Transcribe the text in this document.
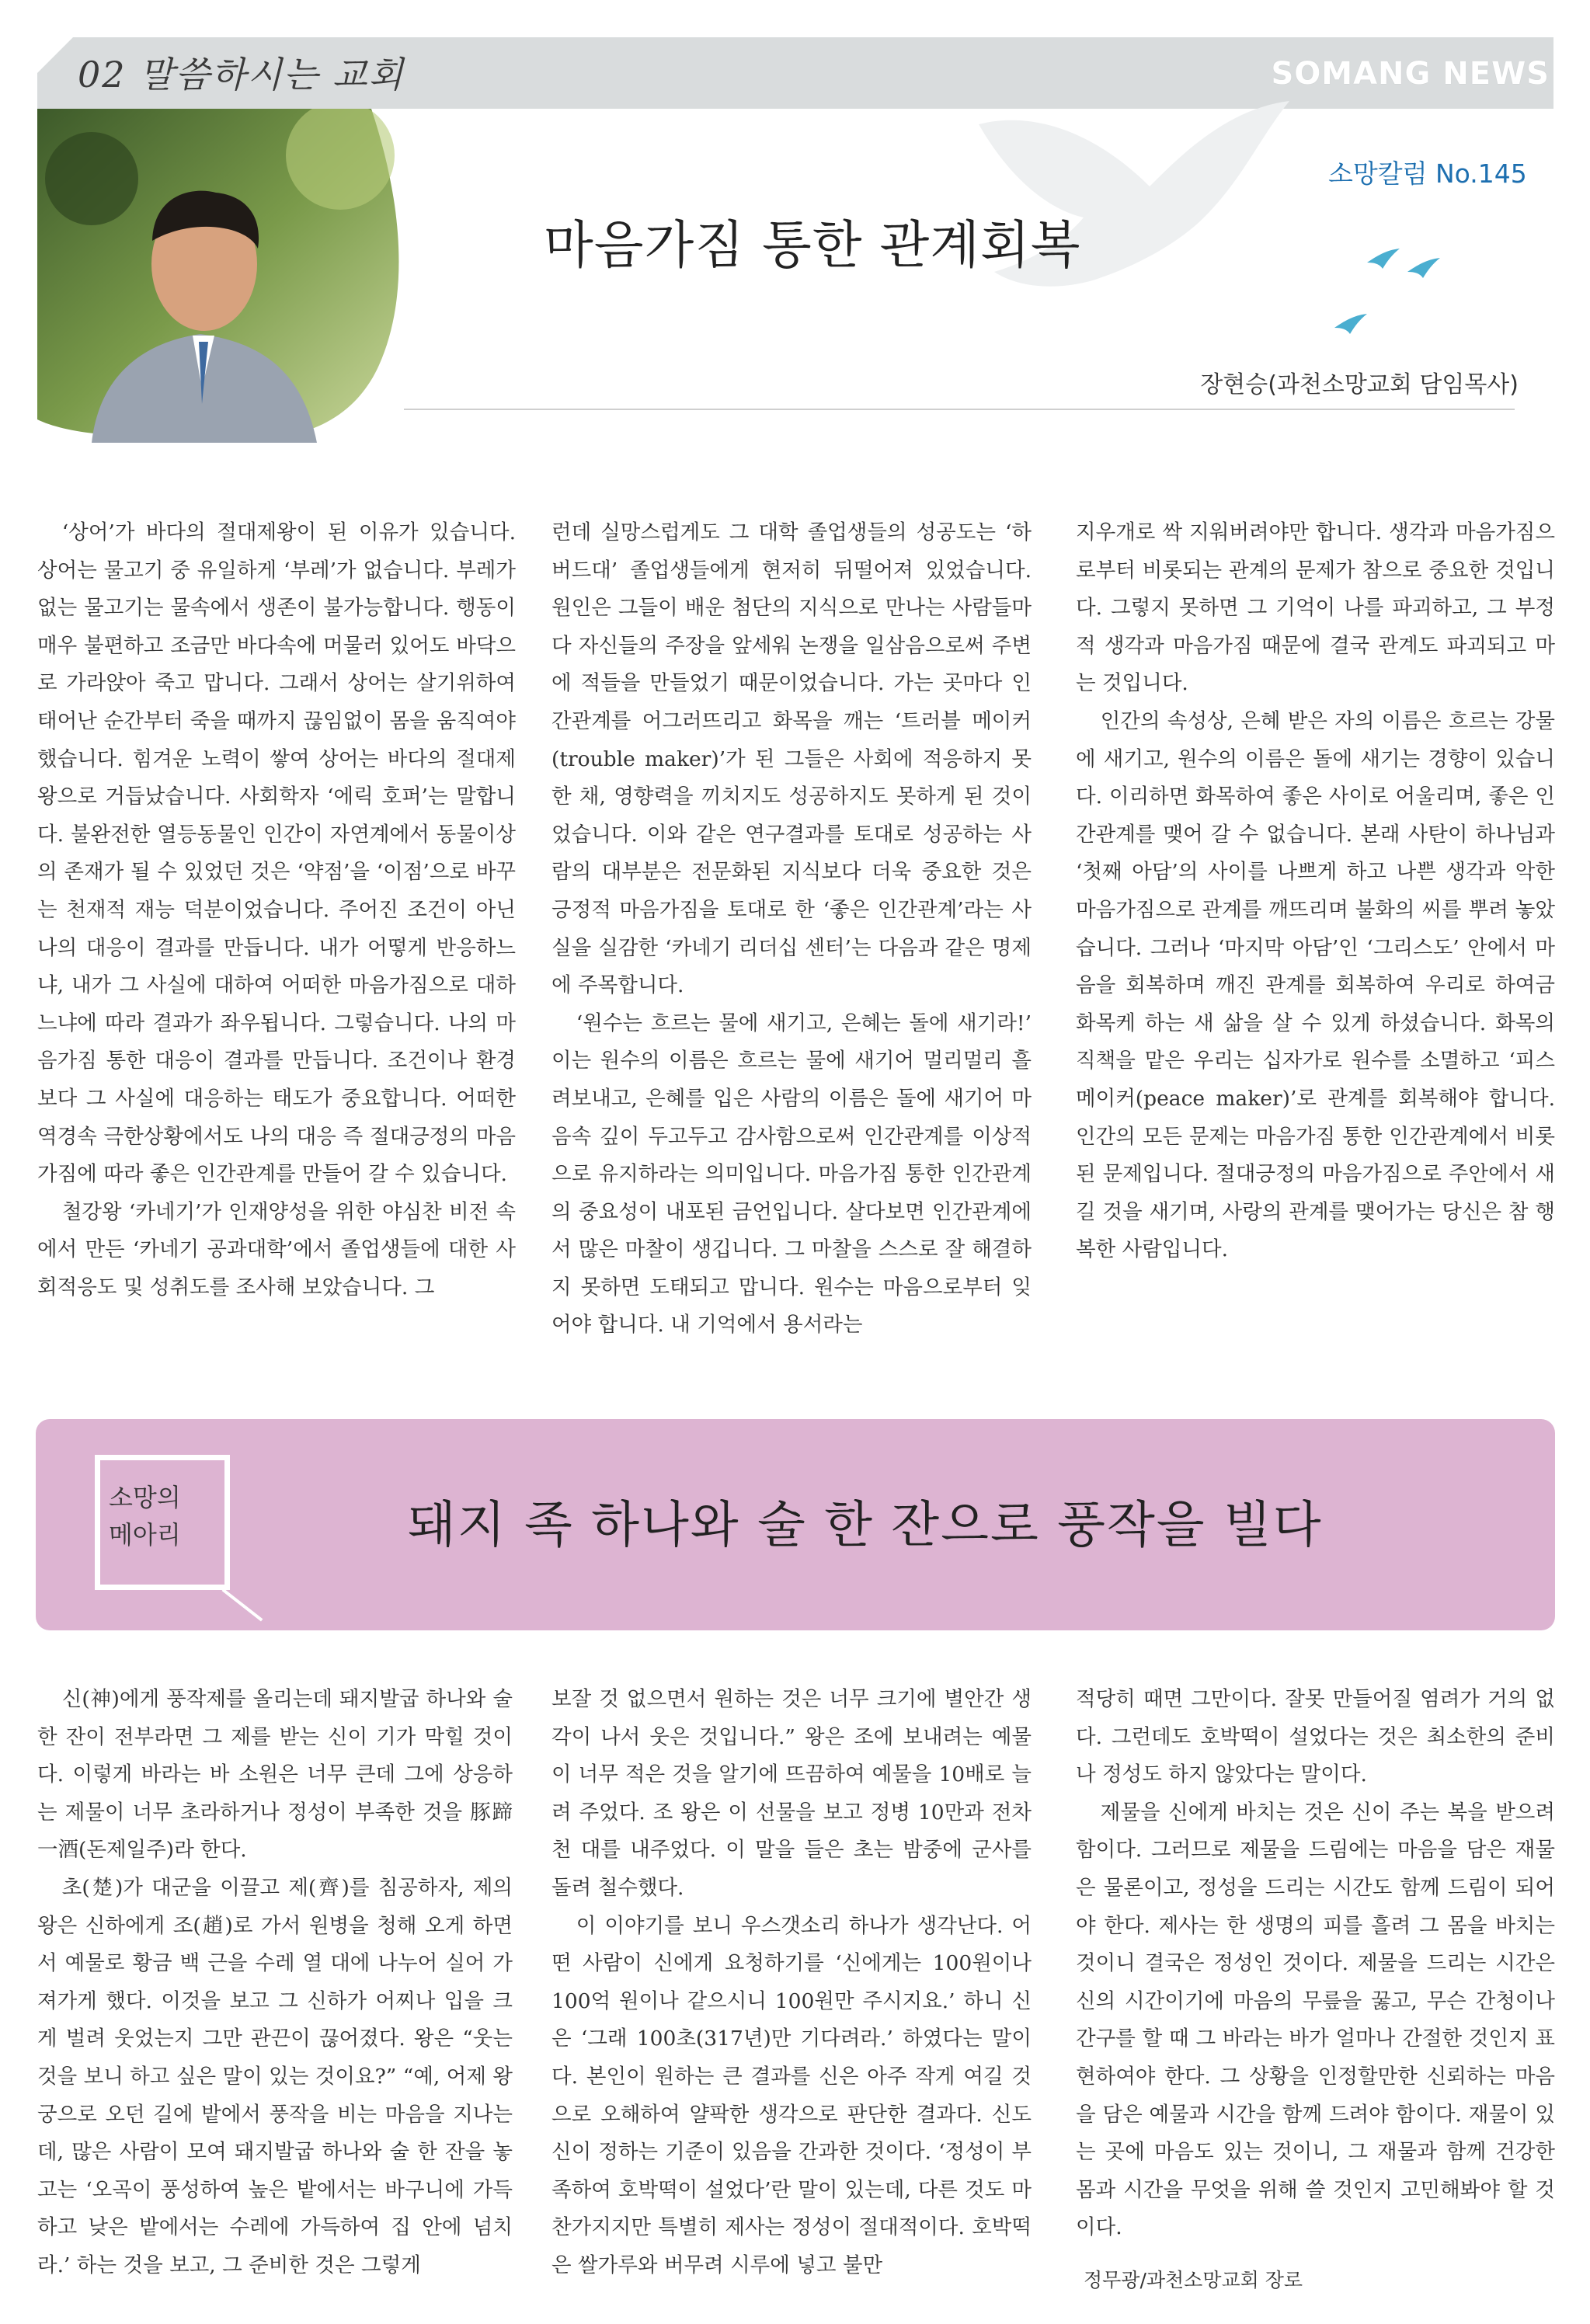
02 말씀하시는 교회	SOMANG NEWS
소망칼럼 No.145
마음가짐 통한 관계회복
장현승(과천소망교회 담임목사)

‘상어’가 바다의 절대제왕이 된 이유가 있습니다. 상어는 물고기 중 유일하게 ‘부레’가 없습니다. 부레가 없는 물고기는 물속에서 생존이 불가능합니다. 행동이 매우 불편하고 조금만 바다속에 머물러 있어도 바닥으로 가라앉아 죽고 맙니다. 그래서 상어는 살기위하여 태어난 순간부터 죽을 때까지 끊임없이 몸을 움직여야 했습니다. 힘겨운 노력이 쌓여 상어는 바다의 절대제왕으로 거듭났습니다. 사회학자 ‘에릭 호퍼’는 말합니다. 불완전한 열등동물인 인간이 자연계에서 동물이상의 존재가 될 수 있었던 것은 ‘약점’을 ‘이점’으로 바꾸는 천재적 재능 덕분이었습니다. 주어진 조건이 아닌 나의 대응이 결과를 만듭니다. 내가 어떻게 반응하느냐, 내가 그 사실에 대하여 어떠한 마음가짐으로 대하느냐에 따라 결과가 좌우됩니다. 그렇습니다. 나의 마음가짐 통한 대응이 결과를 만듭니다. 조건이나 환경보다 그 사실에 대응하는 태도가 중요합니다. 어떠한 역경속 극한상황에서도 나의 대응 즉 절대긍정의 마음가짐에 따라 좋은 인간관계를 만들어 갈 수 있습니다.

철강왕 ‘카네기’가 인재양성을 위한 야심찬 비전 속에서 만든 ‘카네기 공과대학’에서 졸업생들에 대한 사회적응도 및 성취도를 조사해 보았습니다. 그

런데 실망스럽게도 그 대학 졸업생들의 성공도는 ‘하버드대’ 졸업생들에게 현저히 뒤떨어져 있었습니다. 원인은 그들이 배운 첨단의 지식으로 만나는 사람들마다 자신들의 주장을 앞세워 논쟁을 일삼음으로써 주변에 적들을 만들었기 때문이었습니다. 가는 곳마다 인간관계를 어그러뜨리고 화목을 깨는 ‘트러블 메이커(trouble maker)’가 된 그들은 사회에 적응하지 못한 채, 영향력을 끼치지도 성공하지도 못하게 된 것이었습니다. 이와 같은 연구결과를 토대로 성공하는 사람의 대부분은 전문화된 지식보다 더욱 중요한 것은 긍정적 마음가짐을 토대로 한 ‘좋은 인간관계’라는 사실을 실감한 ‘카네기 리더십 센터’는 다음과 같은 명제에 주목합니다.

‘원수는 흐르는 물에 새기고, 은혜는 돌에 새기라!’ 이는 원수의 이름은 흐르는 물에 새기어 멀리멀리 흘려보내고, 은혜를 입은 사람의 이름은 돌에 새기어 마음속 깊이 두고두고 감사함으로써 인간관계를 이상적으로 유지하라는 의미입니다. 마음가짐 통한 인간관계의 중요성이 내포된 금언입니다. 살다보면 인간관계에서 많은 마찰이 생깁니다. 그 마찰을 스스로 잘 해결하지 못하면 도태되고 맙니다. 원수는 마음으로부터 잊어야 합니다. 내 기억에서 용서라는

지우개로 싹 지워버려야만 합니다. 생각과 마음가짐으로부터 비롯되는 관계의 문제가 참으로 중요한 것입니다. 그렇지 못하면 그 기억이 나를 파괴하고, 그 부정적 생각과 마음가짐 때문에 결국 관계도 파괴되고 마는 것입니다.

인간의 속성상, 은혜 받은 자의 이름은 흐르는 강물에 새기고, 원수의 이름은 돌에 새기는 경향이 있습니다. 이리하면 화목하여 좋은 사이로 어울리며, 좋은 인간관계를 맺어 갈 수 없습니다. 본래 사탄이 하나님과 ‘첫째 아담’의 사이를 나쁘게 하고 나쁜 생각과 악한 마음가짐으로 관계를 깨뜨리며 불화의 씨를 뿌려 놓았습니다. 그러나 ‘마지막 아담’인 ‘그리스도’ 안에서 마음을 회복하며 깨진 관계를 회복하여 우리로 하여금 화목케 하는 새 삶을 살 수 있게 하셨습니다. 화목의 직책을 맡은 우리는 십자가로 원수를 소멸하고 ‘피스 메이커(peace maker)’로 관계를 회복해야 합니다. 인간의 모든 문제는 마음가짐 통한 인간관계에서 비롯된 문제입니다. 절대긍정의 마음가짐으로 주안에서 새길 것을 새기며, 사랑의 관계를 맺어가는 당신은 참 행복한 사람입니다.

소망의
메아리	돼지 족 하나와 술 한 잔으로 풍작을 빌다

신(神)에게 풍작제를 올리는데 돼지발굽 하나와 술 한 잔이 전부라면 그 제를 받는 신이 기가 막힐 것이다. 이렇게 바라는 바 소원은 너무 큰데 그에 상응하는 제물이 너무 초라하거나 정성이 부족한 것을 豚蹄一酒(돈제일주)라 한다.

초(楚)가 대군을 이끌고 제(齊)를 침공하자, 제의 왕은 신하에게 조(趙)로 가서 원병을 청해 오게 하면서 예물로 황금 백 근을 수레 열 대에 나누어 실어 가져가게 했다. 이것을 보고 그 신하가 어찌나 입을 크게 벌려 웃었는지 그만 관끈이 끊어졌다. 왕은 “웃는 것을 보니 하고 싶은 말이 있는 것이요?” “예, 어제 왕궁으로 오던 길에 밭에서 풍작을 비는 마음을 지나는데, 많은 사람이 모여 돼지발굽 하나와 술 한 잔을 놓고는 ‘오곡이 풍성하여 높은 밭에서는 바구니에 가득하고 낮은 밭에서는 수레에 가득하여 집 안에 넘치라.’ 하는 것을 보고, 그 준비한 것은 그렇게

보잘 것 없으면서 원하는 것은 너무 크기에 별안간 생각이 나서 웃은 것입니다.” 왕은 조에 보내려는 예물이 너무 적은 것을 알기에 뜨끔하여 예물을 10배로 늘려 주었다. 조 왕은 이 선물을 보고 정병 10만과 전차 천 대를 내주었다. 이 말을 들은 초는 밤중에 군사를 돌려 철수했다.

이 이야기를 보니 우스갯소리 하나가 생각난다. 어떤 사람이 신에게 요청하기를 ‘신에게는 100원이나 100억 원이나 같으시니 100원만 주시지요.’ 하니 신은 ‘그래 100초(317년)만 기다려라.’ 하였다는 말이다. 본인이 원하는 큰 결과를 신은 아주 작게 여길 것으로 오해하여 얄팍한 생각으로 판단한 결과다. 신도 신이 정하는 기준이 있음을 간과한 것이다. ‘정성이 부족하여 호박떡이 설었다’란 말이 있는데, 다른 것도 마찬가지지만 특별히 제사는 정성이 절대적이다. 호박떡은 쌀가루와 버무려 시루에 넣고 불만

적당히 때면 그만이다. 잘못 만들어질 염려가 거의 없다. 그런데도 호박떡이 설었다는 것은 최소한의 준비나 정성도 하지 않았다는 말이다.

제물을 신에게 바치는 것은 신이 주는 복을 받으려함이다. 그러므로 제물을 드림에는 마음을 담은 재물은 물론이고, 정성을 드리는 시간도 함께 드림이 되어야 한다. 제사는 한 생명의 피를 흘려 그 몸을 바치는 것이니 결국은 정성인 것이다. 제물을 드리는 시간은 신의 시간이기에 마음의 무릎을 꿇고, 무슨 간청이나 간구를 할 때 그 바라는 바가 얼마나 간절한 것인지 표현하여야 한다. 그 상황을 인정할만한 신뢰하는 마음을 담은 예물과 시간을 함께 드려야 함이다. 재물이 있는 곳에 마음도 있는 것이니, 그 재물과 함께 건강한 몸과 시간을 무엇을 위해 쓸 것인지 고민해봐야 할 것이다.

정무광/과천소망교회 장로
